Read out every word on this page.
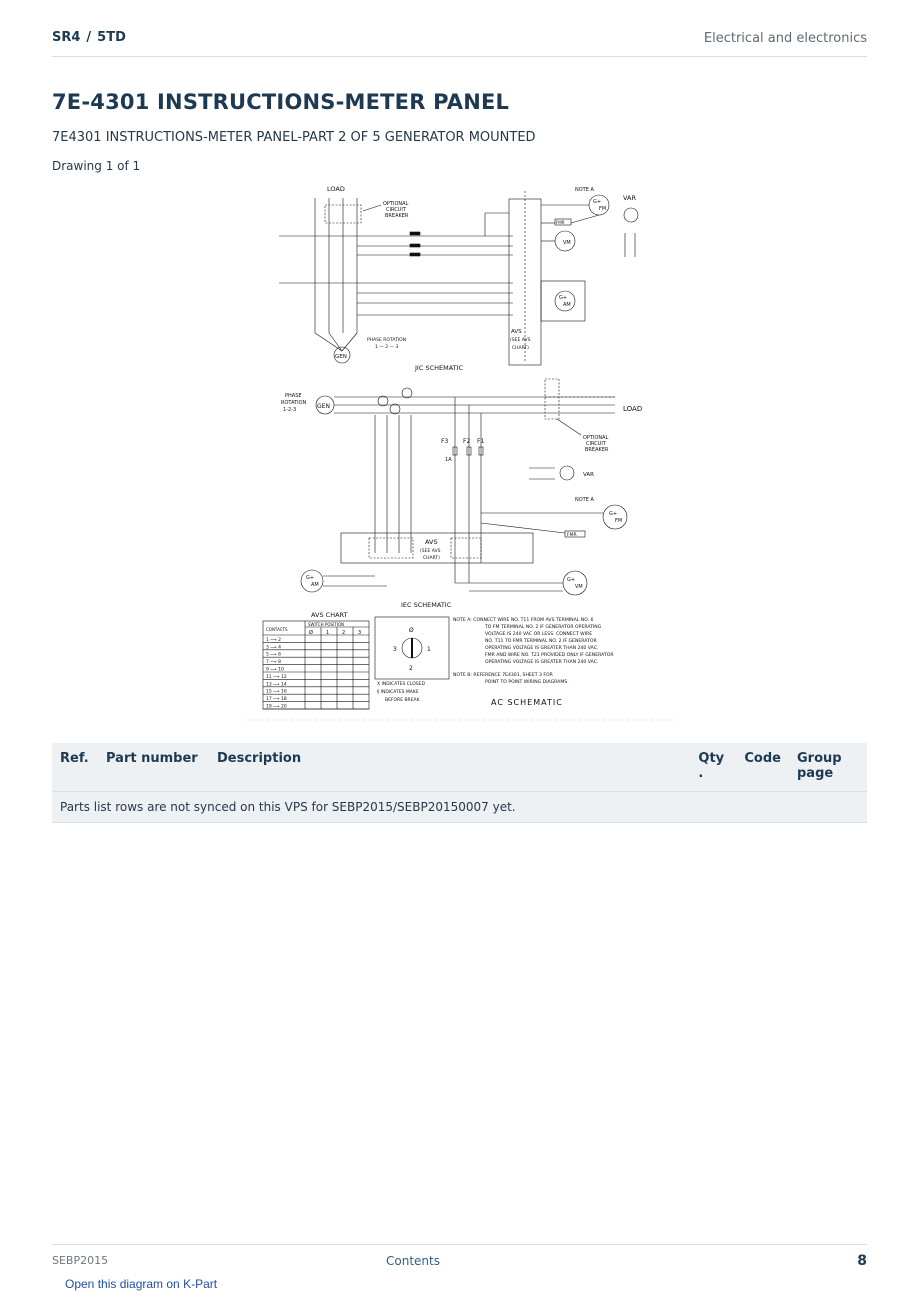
SR4 / 5TD	Electrical and electronics
7E-4301 INSTRUCTIONS-METER PANEL
7E4301 INSTRUCTIONS-METER PANEL-PART 2 OF 5 GENERATOR MOUNTED
Drawing 1 of 1
LOAD
OPTIONAL
CIRCUIT
BREAKER
AVS
(SEE AVS
CHART)
NOTE A
G+
FM
FMR
VM
VAR
G+
AM
GEN
PHASE ROTATION
1 — 2 — 3
JIC SCHEMATIC
PHASE
ROTATION
1-2-3	GEN	LOAD
OPTIONAL
CIRCUIT
BREAKER
F3 F2 F1
1A
VAR
NOTE A
G+
FM
FMR
AVS
(SEE AVS
CHART)
G+
AM
G+
VM
IEC SCHEMATIC
AVS CHART
CONTACTS
SWITCH POSITION
Ø	1	2	3
1 ⟶ 2
3 ⟶ 4
5 ⟶ 6
7 ⟶ 8
9 ⟶ 10
11 ⟶ 12
13 ⟶ 14
15 ⟶ 16
17 ⟶ 18
19 ⟶ 20
X INDICATES CLOSED
§ INDICATES MAKE
BEFORE BREAK
Ø
3	1
2
NOTE A: CONNECT WIRE NO. T11 FROM AVS TERMINAL NO. 6
TO FM TERMINAL NO. 2 IF GENERATOR OPERATING
VOLTAGE IS 240 VAC OR LESS. CONNECT WIRE
NO. T11 TO FMR TERMINAL NO. 2 IF GENERATOR
OPERATING VOLTAGE IS GREATER THAN 240 VAC.
FMR AND WIRE NO. T21 PROVIDED ONLY IF GENERATOR
OPERATING VOLTAGE IS GREATER THAN 240 VAC.
NOTE B: REFERENCE 7E4301, SHEET 3 FOR
POINT TO POINT WIRING DIAGRAMS.
AC SCHEMATIC
Ref.	Part number	Description	Qty .	Code	Group page
Parts list rows are not synced on this VPS for SEBP2015/SEBP20150007 yet.
SEBP2015	Contents	8
Open this diagram on K-Part
